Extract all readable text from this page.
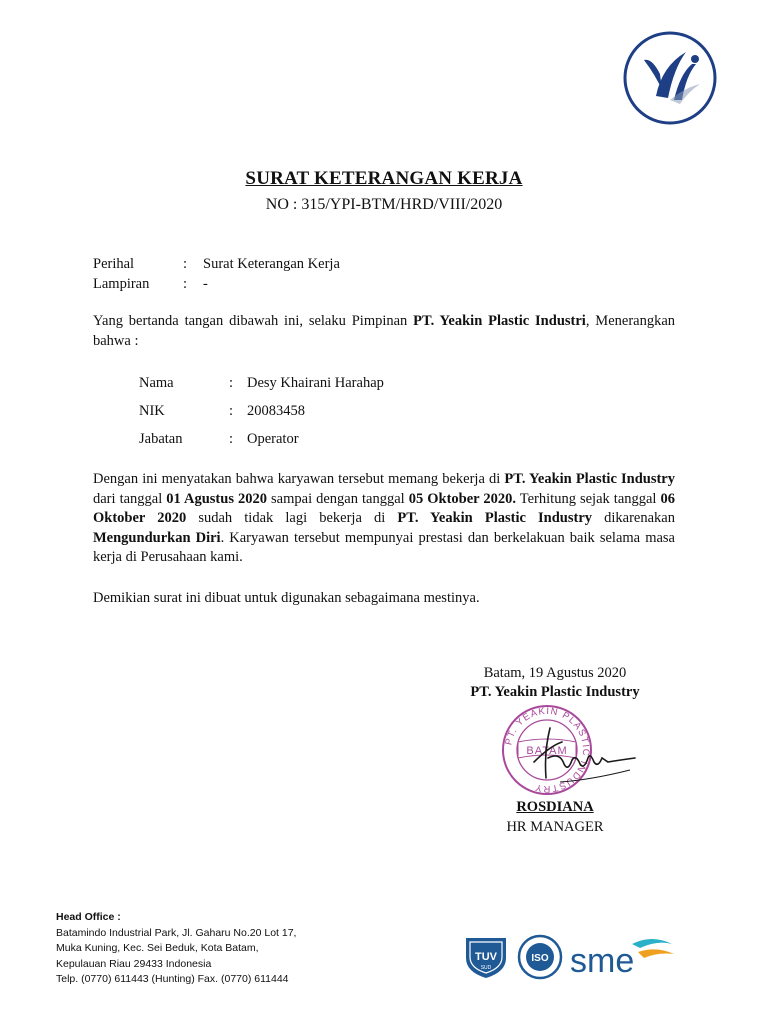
SURAT KETERANGAN KERJA
NO : 315/YPI-BTM/HRD/VIII/2020
Perihal	:	Surat Keterangan Kerja
Lampiran	:	-
Yang bertanda tangan dibawah ini, selaku Pimpinan PT. Yeakin Plastic Industri, Menerangkan bahwa :
Nama	: Desy Khairani Harahap
NIK	: 20083458
Jabatan	: Operator
Dengan ini menyatakan bahwa karyawan tersebut memang bekerja di PT. Yeakin Plastic Industry dari tanggal 01 Agustus 2020 sampai dengan tanggal 05 Oktober 2020. Terhitung sejak tanggal 06 Oktober 2020 sudah tidak lagi bekerja di PT. Yeakin Plastic Industry dikarenakan Mengundurkan Diri. Karyawan tersebut mempunyai prestasi dan berkelakuan baik selama masa kerja di Perusahaan kami.
Demikian surat ini dibuat untuk digunakan sebagaimana mestinya.
Batam, 19 Agustus 2020
PT. Yeakin Plastic Industry
PT. YEAKIN PLASTIC INDUSTRY
BATAM
ROSDIANA
HR MANAGER
Head Office :
Batamindo Industrial Park, Jl. Gaharu No.20 Lot 17,
Muka Kuning, Kec. Sei Beduk, Kota Batam,
Kepulauan Riau 29433 Indonesia
Telp. (0770) 611443 (Hunting) Fax. (0770) 611444
TUV
SUD
ISO sme
